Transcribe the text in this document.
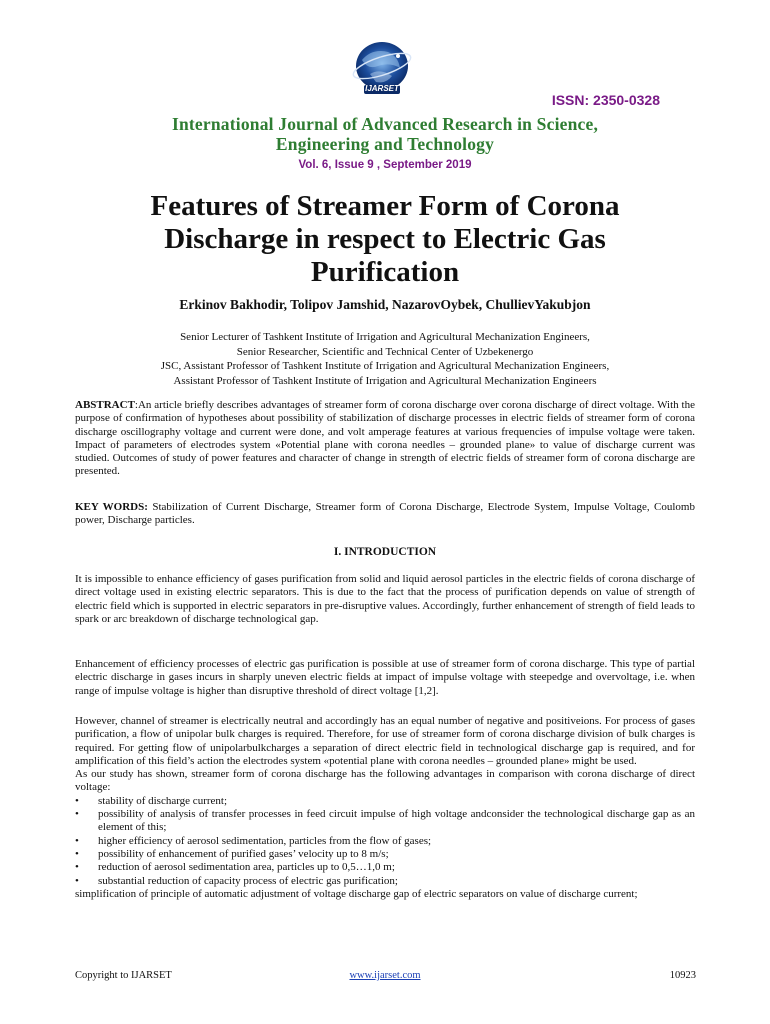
IJARSET
ISSN: 2350-0328
International Journal of Advanced Research in Science,
Engineering and Technology
Vol. 6, Issue 9 , September 2019
Features of Streamer Form of Corona Discharge in respect to Electric Gas Purification
Erkinov Bakhodir, Tolipov Jamshid, NazarovOybek, ChullievYakubjon
Senior Lecturer of Tashkent Institute of Irrigation and Agricultural Mechanization Engineers,
Senior Researcher, Scientific and Technical Center of Uzbekenergo
JSC, Assistant Professor of Tashkent Institute of Irrigation and Agricultural Mechanization Engineers,
Assistant Professor of Tashkent Institute of Irrigation and Agricultural Mechanization Engineers
ABSTRACT:An article briefly describes advantages of streamer form of corona discharge over corona discharge of direct voltage. With the purpose of confirmation of hypotheses about possibility of stabilization of discharge processes in electric fields of streamer form of corona discharge oscillography voltage and current were done, and volt amperage features at various frequencies of impulse voltage were taken. Impact of parameters of electrodes system «Potential plane with corona needles – grounded plane» to value of discharge current was studied. Outcomes of study of power features and character of change in strength of electric fields of streamer form of corona discharge are presented.
KEY WORDS: Stabilization of Current Discharge, Streamer form of Corona Discharge, Electrode System, Impulse Voltage, Coulomb power, Discharge particles.
I. INTRODUCTION
It is impossible to enhance efficiency of gases purification from solid and liquid aerosol particles in the electric fields of corona discharge of direct voltage used in existing electric separators. This is due to the fact that the process of purification depends on value of strength of electric field which is supported in electric separators in pre-disruptive values. Accordingly, further enhancement of strength of field leads to spark or arc breakdown of discharge technological gap.
Enhancement of efficiency processes of electric gas purification is possible at use of streamer form of corona discharge. This type of partial electric discharge in gases incurs in sharply uneven electric fields at impact of impulse voltage with steepedge and overvoltage, i.e. when range of impulse voltage is higher than disruptive threshold of direct voltage [1,2].
However, channel of streamer is electrically neutral and accordingly has an equal number of negative and positiveions. For process of gases purification, a flow of unipolar bulk charges is required. Therefore, for use of streamer form of corona discharge division of bulk charges is required. For getting flow of unipolarbulkcharges a separation of direct electric field in technological discharge gap is required, and for amplification of this field’s action the electrodes system «potential plane with corona needles – grounded plane» might be used.
As our study has shown, streamer form of corona discharge has the following advantages in comparison with corona discharge of direct voltage:
• stability of discharge current;
• possibility of analysis of transfer processes in feed circuit impulse of high voltage andconsider the technological discharge gap as an element of this;
• higher efficiency of aerosol sedimentation, particles from the flow of gases;
• possibility of enhancement of purified gases’ velocity up to 8 m/s;
• reduction of aerosol sedimentation area, particles up to 0,5…1,0 m;
• substantial reduction of capacity process of electric gas purification;
simplification of principle of automatic adjustment of voltage discharge gap of electric separators on value of discharge current;
Copyright to IJARSET	www.ijarset.com	10923
